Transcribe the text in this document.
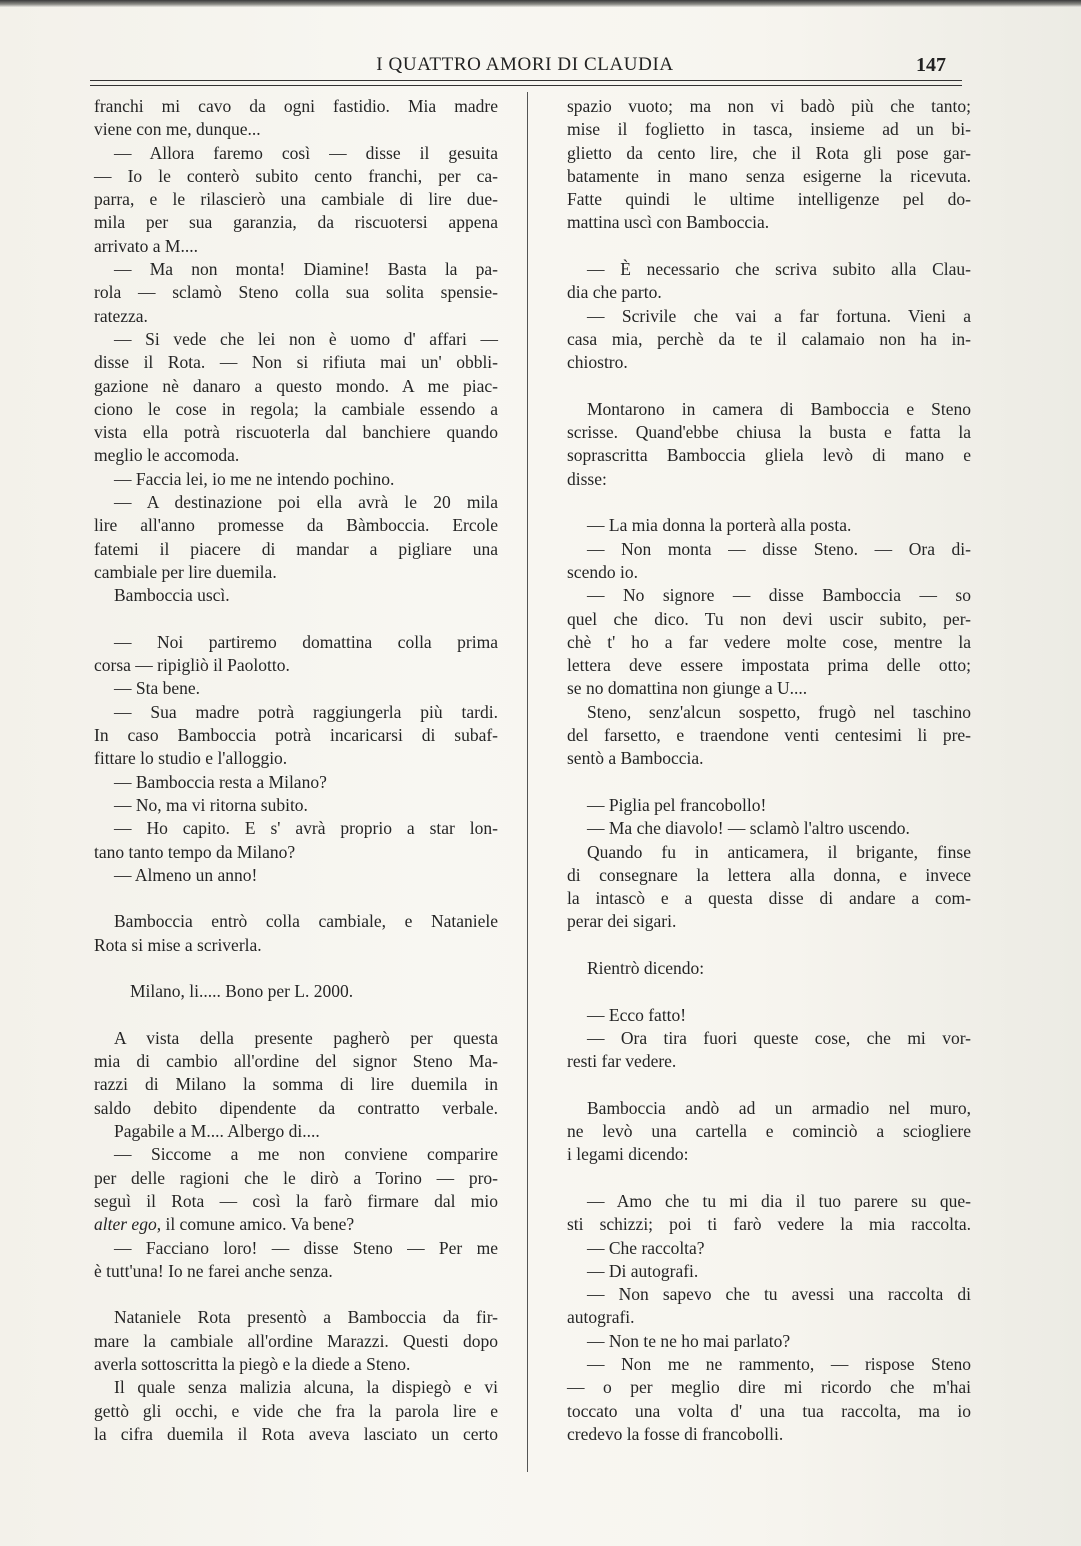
I QUATTRO AMORI DI CLAUDIA	147
franchi mi cavo da ogni fastidio. Mia madre
viene con me, dunque...
— Allora faremo così — disse il gesuita
— Io le conterò subito cento franchi, per ca-
parra, e le rilascierò una cambiale di lire due-
mila per sua garanzia, da riscuotersi appena
arrivato a M....
— Ma non monta! Diamine! Basta la pa-
rola — sclamò Steno colla sua solita spensie-
ratezza.
— Si vede che lei non è uomo d' affari —
disse il Rota. — Non si rifiuta mai un' obbli-
gazione nè danaro a questo mondo. A me piac-
ciono le cose in regola; la cambiale essendo a
vista ella potrà riscuoterla dal banchiere quando
meglio le accomoda.
— Faccia lei, io me ne intendo pochino.
— A destinazione poi ella avrà le 20 mila
lire all'anno promesse da Bàmboccia. Ercole
fatemi il piacere di mandar a pigliare una
cambiale per lire duemila.
Bamboccia uscì.
— Noi partiremo domattina colla prima
corsa — ripigliò il Paolotto.
— Sta bene.
— Sua madre potrà raggiungerla più tardi.
In caso Bamboccia potrà incaricarsi di subaf-
fittare lo studio e l'alloggio.
— Bamboccia resta a Milano?
— No, ma vi ritorna subito.
— Ho capito. E s' avrà proprio a star lon-
tano tanto tempo da Milano?
— Almeno un anno!
Bamboccia entrò colla cambiale, e Nataniele
Rota si mise a scriverla.
Milano, li..... Bono per L. 2000.
A vista della presente pagherò per questa
mia di cambio all'ordine del signor Steno Ma-
razzi di Milano la somma di lire duemila in
saldo debito dipendente da contratto verbale.
Pagabile a M.... Albergo di....
— Siccome a me non conviene comparire
per delle ragioni che le dirò a Torino — pro-
seguì il Rota — così la farò firmare dal mio
alter ego, il comune amico. Va bene?
— Facciano loro! — disse Steno — Per me
è tutt'una! Io ne farei anche senza.
Nataniele Rota presentò a Bamboccia da fir-
mare la cambiale all'ordine Marazzi. Questi dopo
averla sottoscritta la piegò e la diede a Steno.
Il quale senza malizia alcuna, la dispiegò e vi
gettò gli occhi, e vide che fra la parola lire e
la cifra duemila il Rota aveva lasciato un certo
spazio vuoto; ma non vi badò più che tanto;
mise il foglietto in tasca, insieme ad un bi-
glietto da cento lire, che il Rota gli pose gar-
batamente in mano senza esigerne la ricevuta.
Fatte quindi le ultime intelligenze pel do-
mattina uscì con Bamboccia.
— È necessario che scriva subito alla Clau-
dia che parto.
— Scrivile che vai a far fortuna. Vieni a
casa mia, perchè da te il calamaio non ha in-
chiostro.
Montarono in camera di Bamboccia e Steno
scrisse. Quand'ebbe chiusa la busta e fatta la
soprascritta Bamboccia gliela levò di mano e
disse:
— La mia donna la porterà alla posta.
— Non monta — disse Steno. — Ora di-
scendo io.
— No signore — disse Bamboccia — so
quel che dico. Tu non devi uscir subito, per-
chè t' ho a far vedere molte cose, mentre la
lettera deve essere impostata prima delle otto;
se no domattina non giunge a U....
Steno, senz'alcun sospetto, frugò nel taschino
del farsetto, e traendone venti centesimi li pre-
sentò a Bamboccia.
— Piglia pel francobollo!
— Ma che diavolo! — sclamò l'altro uscendo.
Quando fu in anticamera, il brigante, finse
di consegnare la lettera alla donna, e invece
la intascò e a questa disse di andare a com-
perar dei sigari.
Rientrò dicendo:
— Ecco fatto!
— Ora tira fuori queste cose, che mi vor-
resti far vedere.
Bamboccia andò ad un armadio nel muro,
ne levò una cartella e cominciò a sciogliere
i legami dicendo:
— Amo che tu mi dia il tuo parere su que-
sti schizzi; poi ti farò vedere la mia raccolta.
— Che raccolta?
— Di autografi.
— Non sapevo che tu avessi una raccolta di
autografi.
— Non te ne ho mai parlato?
— Non me ne rammento, — rispose Steno
— o per meglio dire mi ricordo che m'hai
toccato una volta d' una tua raccolta, ma io
credevo la fosse di francobolli.
